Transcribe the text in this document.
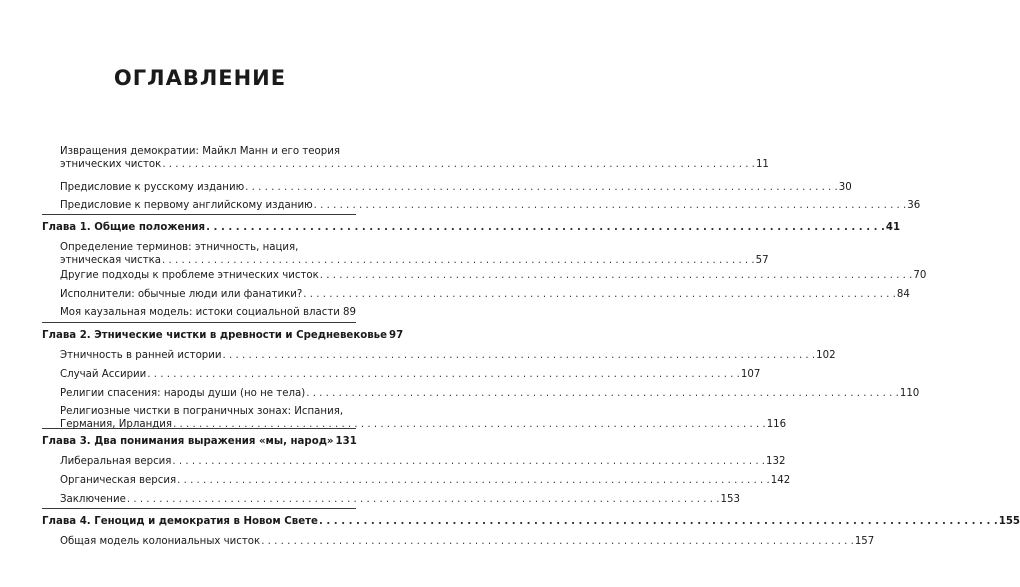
ОГЛАВЛЕНИЕ
Извращения демократии: Майкл Манн и его теория
этнических чисток . . .	11
Предисловие к русскому изданию . . .	30
Предисловие к первому английскому изданию . . .	36
Глава 1. Общие положения . . .	41
Определение терминов: этничность, нация,
этническая чистка . . .	57
Другие подходы к проблеме этнических чисток . . .	70
Исполнители: обычные люди или фанатики? . . .	84
Моя каузальная модель: истоки социальной власти . . . 89
Глава 2. Этнические чистки в древности и Средневековье 97
Этничность в ранней истории . . .	102
Случай Ассирии . . .	107
Религии спасения: народы души (но не тела) . . .	110
Религиозные чистки в пограничных зонах: Испания,
Германия, Ирландия . . .	116
Глава 3. Два понимания выражения «мы, народ» 131
Либеральная версия . . .	132
Органическая версия . . .	142
Заключение . . .	153
Глава 4. Геноцид и демократия в Новом Свете . . .	155
Общая модель колониальных чисток . . .	157
